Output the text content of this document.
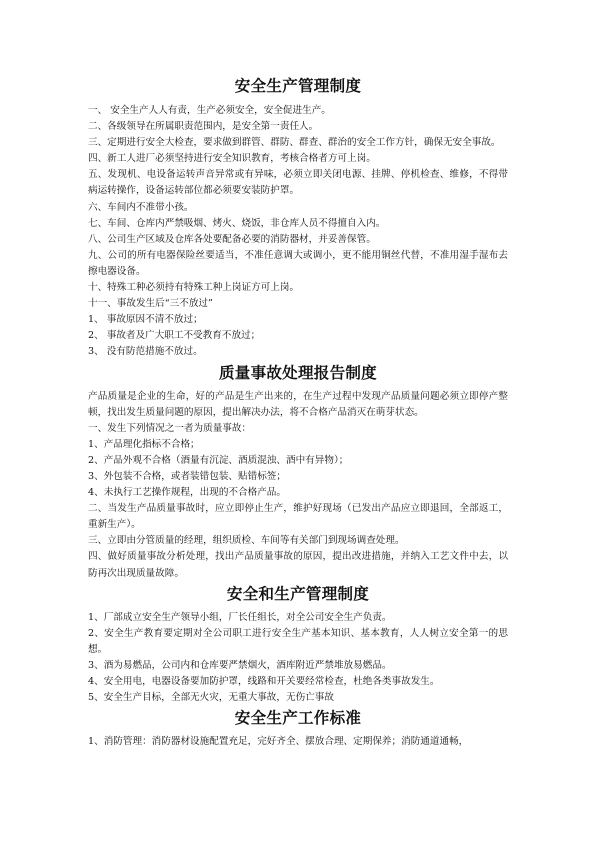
安全生产管理制度

一、 安全生产人人有责，生产必须安全，安全促进生产。

二、各级领导在所属职责范围内，是安全第一责任人。

三、定期进行安全大检查，要求做到群管、群防、群查、群治的安全工作方针，确保无安全事故。

四、新工人进厂必须坚持进行安全知识教育，考核合格者方可上岗。

五、发现机、电设备运转声音异常或有异味，必须立即关闭电源、挂牌、停机检查、维修，不得带病运转操作，设备运转部位都必须要安装防护罩。

六、车间内不准带小孩。

七、车间、仓库内严禁吸烟、烤火、烧饭，非仓库人员不得擅自入内。

八、公司生产区域及仓库各处要配备必要的消防器材，并妥善保管。

九、公司的所有电器保险丝要适当，不准任意调大或调小，更不能用铜丝代替，不准用湿手湿布去擦电器设备。

十、特殊工种必须持有特殊工种上岗证方可上岗。

十一、事故发生后“三不放过”

1、 事故原因不清不放过；

2、 事故者及广大职工不受教育不放过；

3、 没有防范措施不放过。

质量事故处理报告制度

产品质量是企业的生命，好的产品是生产出来的，在生产过程中发现产品质量问题必须立即停产整顿，找出发生质量问题的原因，提出解决办法，将不合格产品消灭在萌芽状态。

一、发生下列情况之一者为质量事故：

1、产品理化指标不合格；

2、产品外观不合格（酒量有沉淀、酒质混浊、酒中有异物）；

3、外包装不合格，或者装错包装、贴错标签；

4、未执行工艺操作规程，出现的不合格产品。

二、当发生产品质量事故时，应立即停止生产，维护好现场（已发出产品应立即退回，全部返工，重新生产）。

三、立即由分管质量的经理，组织质检、车间等有关部门到现场调查处理。

四、做好质量事故分析处理，找出产品质量事故的原因，提出改进措施，并纳入工艺文件中去，以防再次出现质量故障。

安全和生产管理制度

1、厂部成立安全生产领导小组，厂长任组长，对全公司安全生产负责。

2、安全生产教育要定期对全公司职工进行安全生产基本知识、基本教育，人人树立安全第一的思想。

3、酒为易燃品，公司内和仓库要严禁烟火，酒库附近严禁堆放易燃品。

4、安全用电，电器设备要加防护罩，线路和开关要经常检查，杜绝各类事故发生。

5、安全生产目标，全部无火灾，无重大事故，无伤亡事故

安全生产工作标准

1、消防管理：消防器材设施配置充足，完好齐全、摆放合理、定期保养；消防通道通畅，
